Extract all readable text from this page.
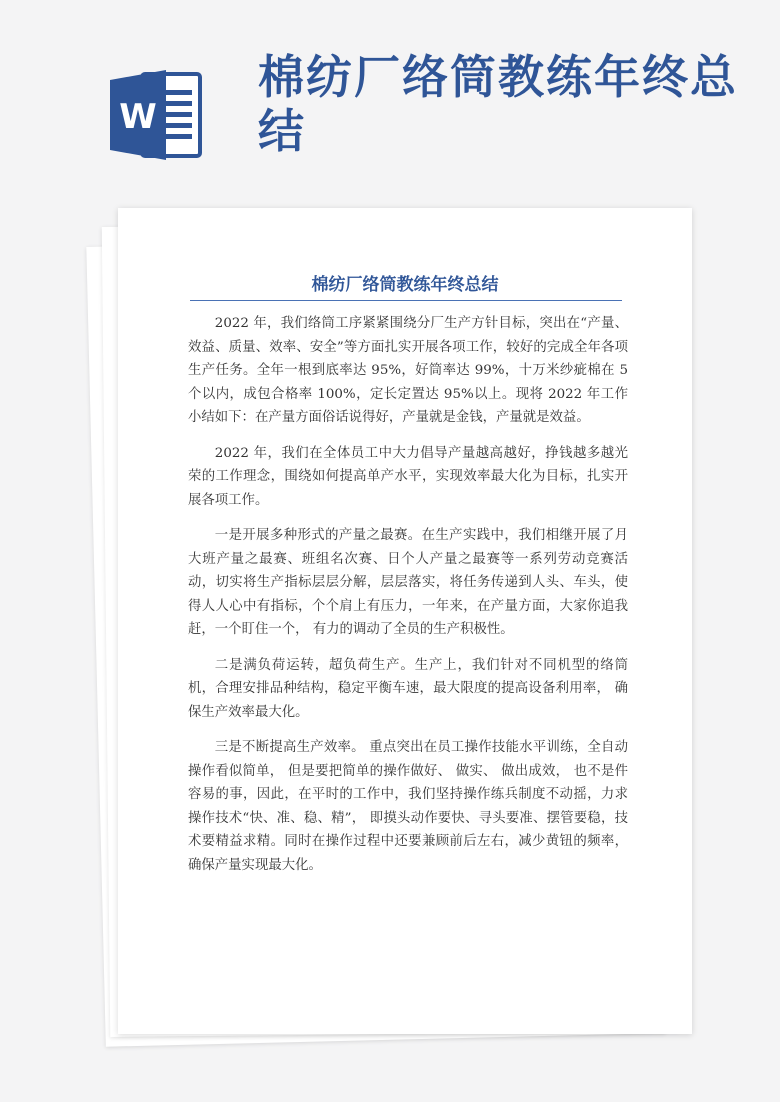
W
棉纺厂络筒教练年终总结
棉纺厂络筒教练年终总结

2022 年，我们络筒工序紧紧围绕分厂生产方针目标，突出在“产量、效益、质量、效率、安全”等方面扎实开展各项工作，较好的完成全年各项生产任务。全年一根到底率达 95%，好筒率达 99%，十万米纱疵棉在 5 个以内，成包合格率 100%，定长定置达 95%以上。现将 2022 年工作小结如下：在产量方面俗话说得好，产量就是金钱，产量就是效益。

2022 年，我们在全体员工中大力倡导产量越高越好，挣钱越多越光荣的工作理念，围绕如何提高单产水平，实现效率最大化为目标，扎实开展各项工作。

一是开展多种形式的产量之最赛。在生产实践中，我们相继开展了月大班产量之最赛、班组名次赛、日个人产量之最赛等一系列劳动竞赛活动，切实将生产指标层层分解，层层落实，将任务传递到人头、车头，使得人人心中有指标，个个肩上有压力，一年来，在产量方面，大家你追我赶，一个盯住一个， 有力的调动了全员的生产积极性。

二是满负荷运转，超负荷生产。生产上，我们针对不同机型的络筒机，合理安排品种结构，稳定平衡车速，最大限度的提高设备利用率， 确保生产效率最大化。

三是不断提高生产效率。 重点突出在员工操作技能水平训练，全自动操作看似简单， 但是要把简单的操作做好、 做实、 做出成效， 也不是件容易的事，因此，在平时的工作中，我们坚持操作练兵制度不动摇，力求操作技术“快、准、稳、精”， 即摸头动作要快、寻头要准、摆管要稳，技术要精益求精。同时在操作过程中还要兼顾前后左右，减少黄钮的频率，确保产量实现最大化。
